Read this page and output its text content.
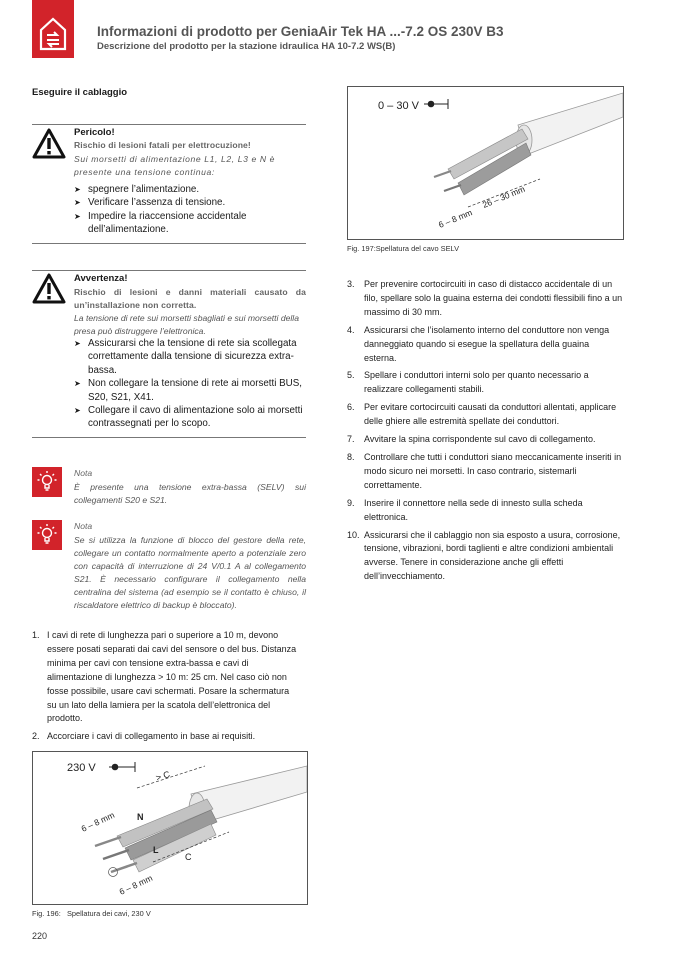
Informazioni di prodotto per GeniaAir Tek HA ...-7.2 OS 230V B3
Descrizione del prodotto per la stazione idraulica HA 10-7.2 WS(B)
Eseguire il cablaggio
Pericolo!
Rischio di lesioni fatali per elettrocuzione!
Sui morsetti di alimentazione L1, L2, L3 e N è presente una tensione continua:
➤ spegnere l’alimentazione.
➤ Verificare l’assenza di tensione.
➤ Impedire la riaccensione accidentale dell’alimentazione.
Avvertenza!
Rischio di lesioni e danni materiali causato da un’installazione non corretta.
La tensione di rete sui morsetti sbagliati e sui morsetti della presa può distruggere l’elettronica.
➤ Assicurarsi che la tensione di rete sia scollegata correttamente dalla tensione di sicurezza extra-bassa.
➤ Non collegare la tensione di rete ai morsetti BUS, S20, S21, X41.
➤ Collegare il cavo di alimentazione solo ai morsetti contrassegnati per lo scopo.
Nota
È presente una tensione extra-bassa (SELV) sui collegamenti S20 e S21.
Nota
Se si utilizza la funzione di blocco del gestore della rete, collegare un contatto normalmente aperto a potenziale zero con capacità di interruzione di 24 V/0.1 A al collegamento S21. È necessario configurare il collegamento nella centralina del sistema (ad esempio se il contatto è chiuso, il riscaldatore elettrico di backup è bloccato).
1. I cavi di rete di lunghezza pari o superiore a 10 m, devono essere posati separati dai cavi del sensore o del bus. Distanza minima per cavi con tensione extra-bassa e cavi di alimentazione di lunghezza > 10 m: 25 cm. Nel caso ciò non fosse possibile, usare cavi schermati. Posare la schermatura su un lato della lamiera per la scatola dell’elettronica del prodotto.
2. Accorciare i cavi di collegamento in base ai requisiti.
230 V
> C
6 – 8 mm N
L
C
6 – 8 mm
Fig. 196: Spellatura dei cavi, 230 V
0 – 30 V
26 – 30 mm
6 – 8 mm
Fig. 197:Spellatura del cavo SELV
3. Per prevenire cortocircuiti in caso di distacco accidentale di un filo, spellare solo la guaina esterna dei condotti flessibili fino a un massimo di 30 mm.
4. Assicurarsi che l’isolamento interno del conduttore non venga danneggiato quando si esegue la spellatura della guaina esterna.
5. Spellare i conduttori interni solo per quanto necessario a realizzare collegamenti stabili.
6. Per evitare cortocircuiti causati da conduttori allentati, applicare delle ghiere alle estremità spellate dei conduttori.
7. Avvitare la spina corrispondente sul cavo di collegamento.
8. Controllare che tutti i conduttori siano meccanicamente inseriti in modo sicuro nei morsetti. In caso contrario, sistemarli correttamente.
9. Inserire il connettore nella sede di innesto sulla scheda elettronica.
10. Assicurarsi che il cablaggio non sia esposto a usura, corrosione, tensione, vibrazioni, bordi taglienti e altre condizioni ambientali avverse. Tenere in considerazione anche gli effetti dell’invecchiamento.
220
